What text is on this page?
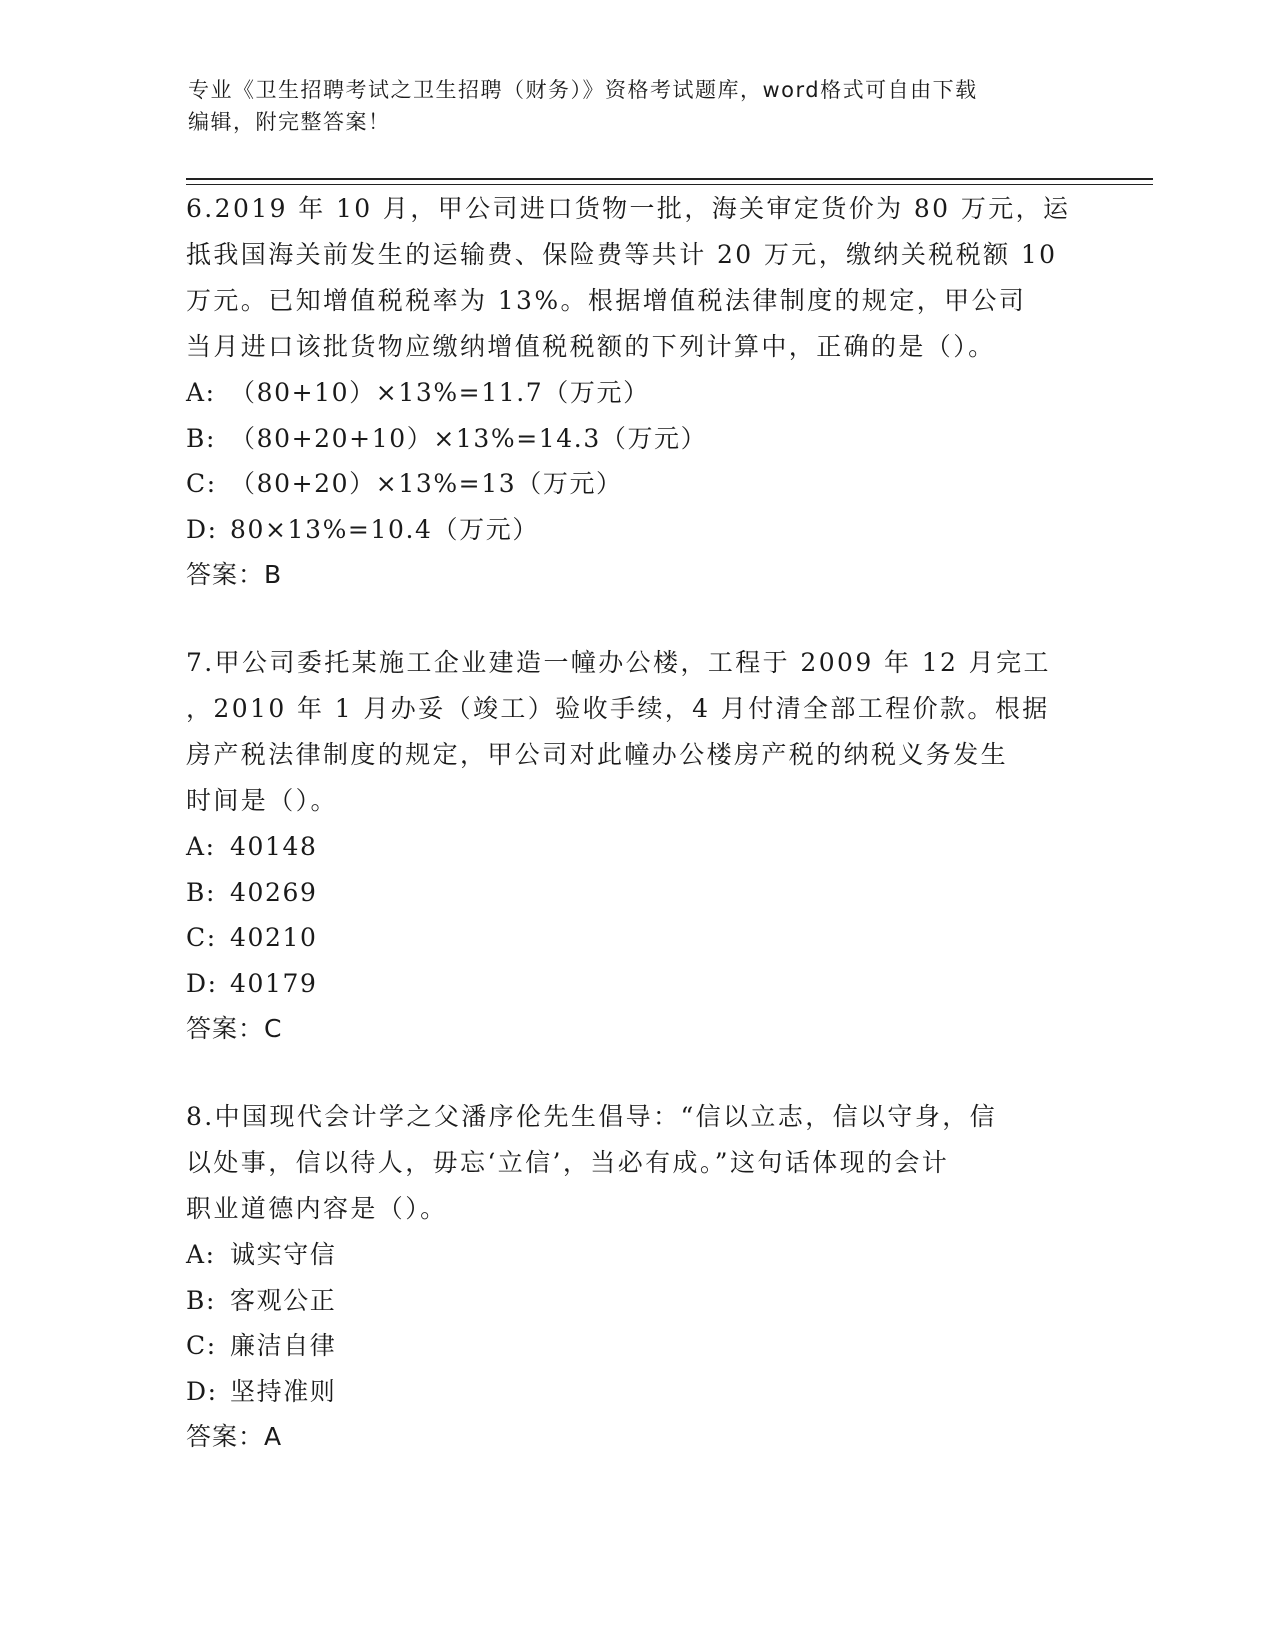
专业《卫生招聘考试之卫生招聘（财务）》资格考试题库，word格式可自由下载
编辑，附完整答案！

6.2019 年 10 月，甲公司进口货物一批，海关审定货价为 80 万元，运

抵我国海关前发生的运输费、保险费等共计 20 万元，缴纳关税税额 10

万元。已知增值税税率为 13%。根据增值税法律制度的规定，甲公司

当月进口该批货物应缴纳增值税税额的下列计算中，正确的是（）。

A: （80+10）×13%=11.7（万元）

B: （80+20+10）×13%=14.3（万元）

C: （80+20）×13%=13（万元）

D: 80×13%=10.4（万元）

答案：B

7.甲公司委托某施工企业建造一幢办公楼，工程于 2009 年 12 月完工

，2010 年 1 月办妥（竣工）验收手续，4 月付清全部工程价款。根据

房产税法律制度的规定，甲公司对此幢办公楼房产税的纳税义务发生

时间是（）。

A: 40148

B: 40269

C: 40210

D: 40179

答案：C

8.中国现代会计学之父潘序伦先生倡导：“信以立志，信以守身，信

以处事，信以待人，毋忘‘立信’，当必有成。”这句话体现的会计

职业道德内容是（）。

A: 诚实守信

B: 客观公正

C: 廉洁自律

D: 坚持准则

答案：A
